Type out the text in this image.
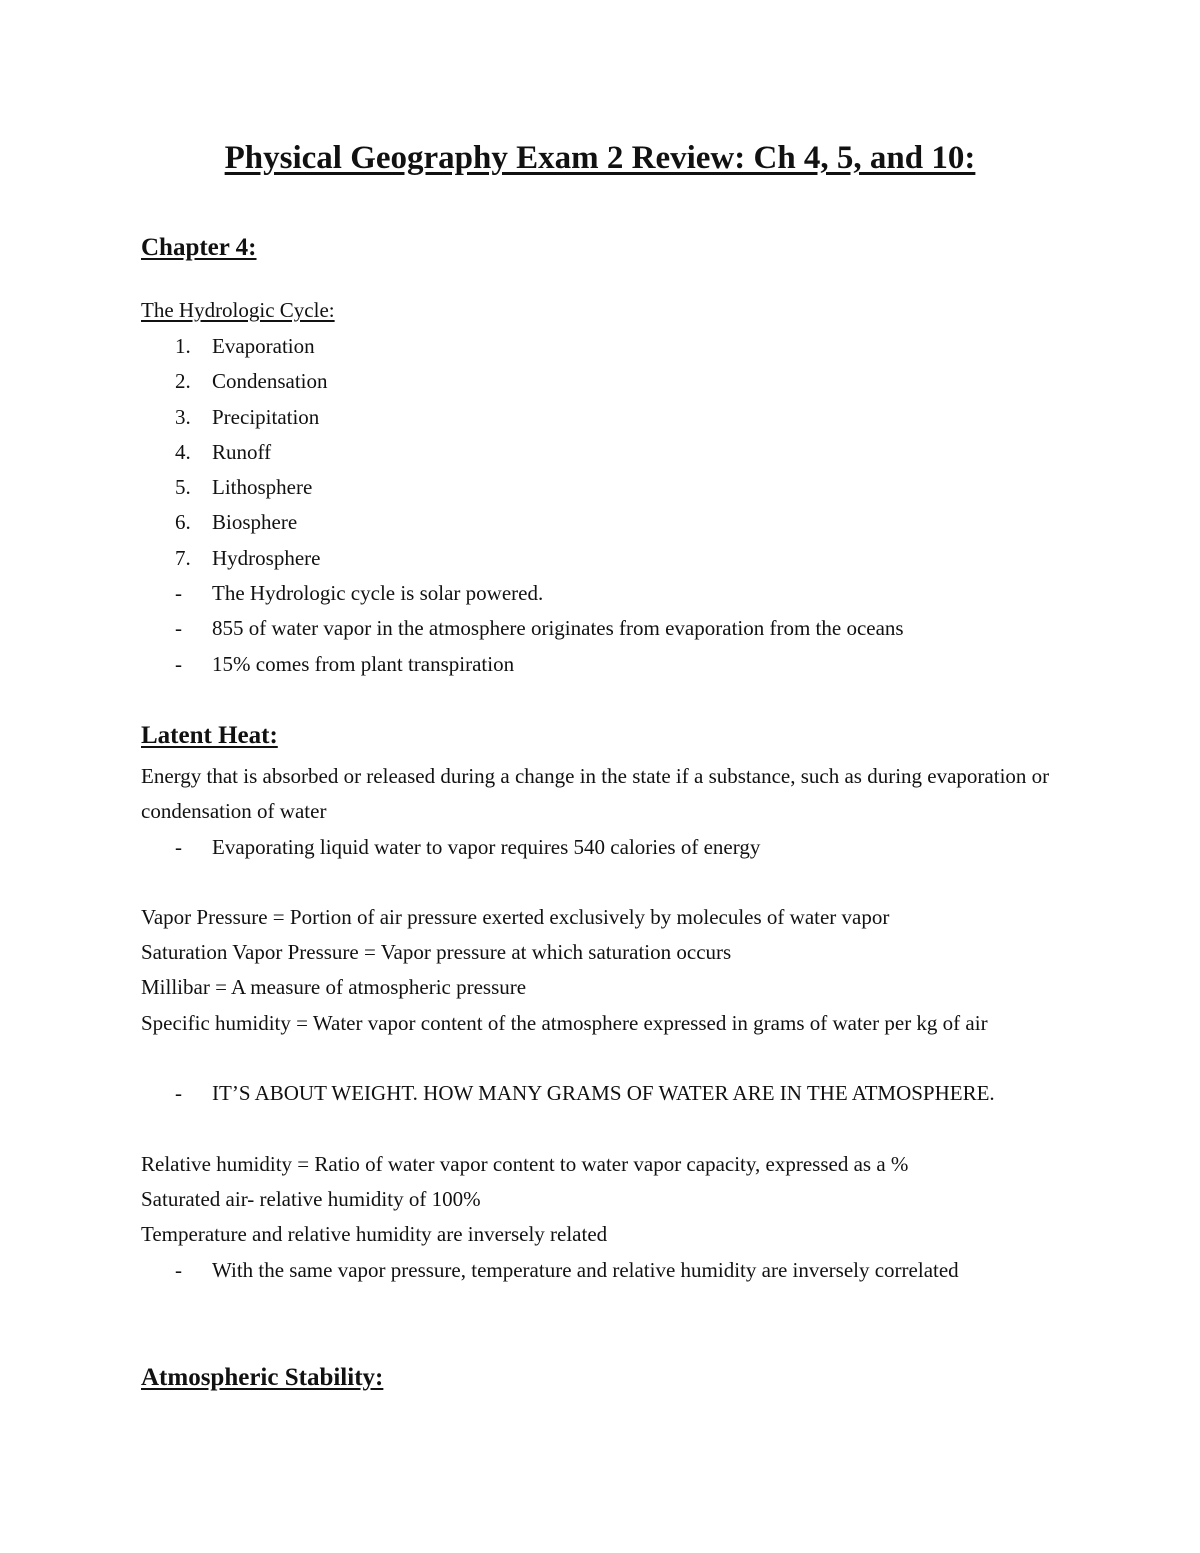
Physical Geography Exam 2 Review: Ch 4, 5, and 10:
Chapter 4:
The Hydrologic Cycle:
1. Evaporation
2. Condensation
3. Precipitation
4. Runoff
5. Lithosphere
6. Biosphere
7. Hydrosphere
- The Hydrologic cycle is solar powered.
- 855 of water vapor in the atmosphere originates from evaporation from the oceans
- 15% comes from plant transpiration
Latent Heat:
Energy that is absorbed or released during a change in the state if a substance, such as during evaporation or condensation of water
- Evaporating liquid water to vapor requires 540 calories of energy
Vapor Pressure = Portion of air pressure exerted exclusively by molecules of water vapor
Saturation Vapor Pressure = Vapor pressure at which saturation occurs
Millibar = A measure of atmospheric pressure
Specific humidity = Water vapor content of the atmosphere expressed in grams of water per kg of air
- IT’S ABOUT WEIGHT. HOW MANY GRAMS OF WATER ARE IN THE ATMOSPHERE.
Relative humidity = Ratio of water vapor content to water vapor capacity, expressed as a %
Saturated air- relative humidity of 100%
Temperature and relative humidity are inversely related
- With the same vapor pressure, temperature and relative humidity are inversely correlated
Atmospheric Stability:
